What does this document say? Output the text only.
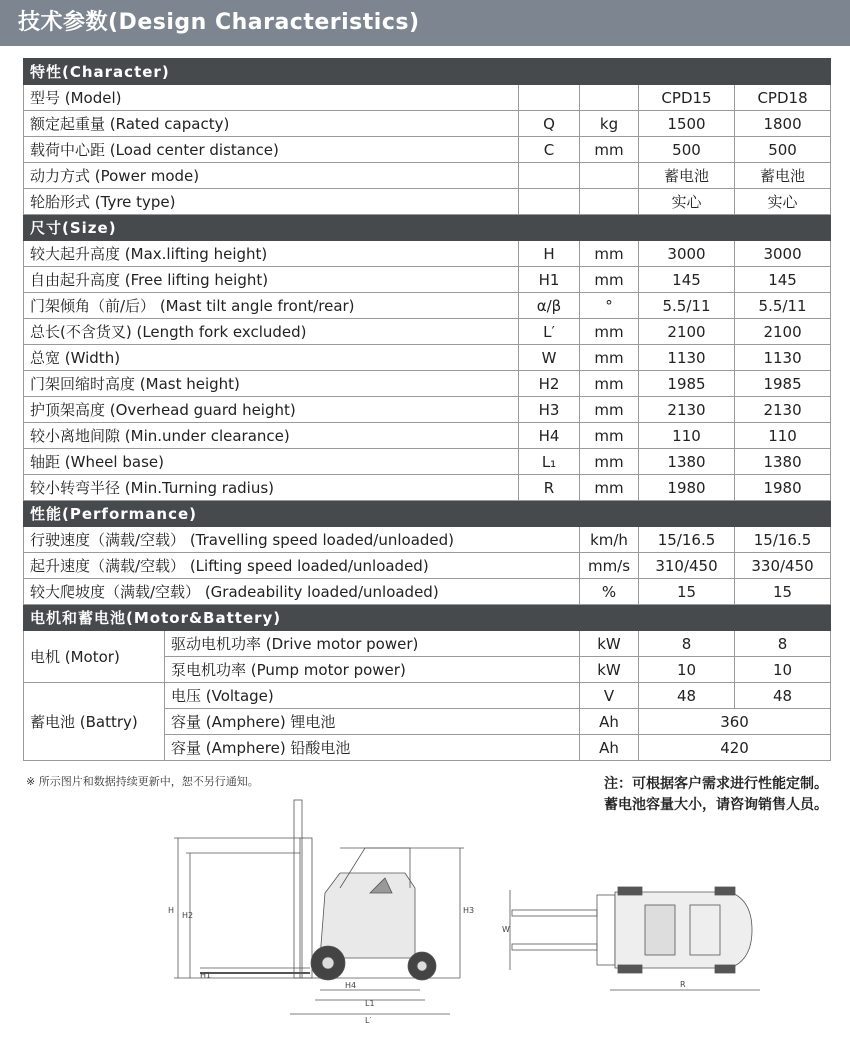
技术参数(Design Characteristics)
特性(Character)					
型号 (Model)				CPD15	CPD18
额定起重量 (Rated capacty)		Q	kg	1500	1800
载荷中心距 (Load center distance)		C	mm	500	500
动力方式 (Power mode)				蓄电池	蓄电池
轮胎形式 (Tyre type)				实心	实心
尺寸(Size)					
较大起升高度 (Max.lifting height)		H	mm	3000	3000
自由起升高度 (Free lifting height)		H1	mm	145	145
门架倾角（前/后） (Mast tilt angle front/rear)		α/β	°	5.5/11	5.5/11
总长(不含货叉) (Length fork excluded)		L′	mm	2100	2100
总宽 (Width)		W	mm	1130	1130
门架回缩时高度 (Mast height)		H2	mm	1985	1985
护顶架高度 (Overhead guard height)		H3	mm	2130	2130
较小离地间隙 (Min.under clearance)		H4	mm	110	110
轴距 (Wheel base)		L₁	mm	1380	1380
较小转弯半径 (Min.Turning radius)		R	mm	1980	1980
性能(Performance)					
行驶速度（满载/空载） (Travelling speed loaded/unloaded)			km/h	15/16.5	15/16.5
起升速度（满载/空载） (Lifting speed loaded/unloaded)			mm/s	310/450	330/450
较大爬坡度（满载/空载） (Gradeability loaded/unloaded)			%	15	15
电机和蓄电池(Motor&Battery)					
电机 (Motor)	驱动电机功率 (Drive motor power)		kW	8	8
	泵电机功率 (Pump motor power)		kW	10	10
蓄电池 (Battry)	电压 (Voltage)		V	48	48
	容量 (Amphere) 锂电池		Ah	360	
	容量 (Amphere) 铅酸电池		Ah	420	
※ 所示图片和数据持续更新中，恕不另行通知。	注：可根据客户需求进行性能定制。
蓄电池容量大小，请咨询销售人员。
H
H2
H3
H1
H4
L1
L′
W
R
